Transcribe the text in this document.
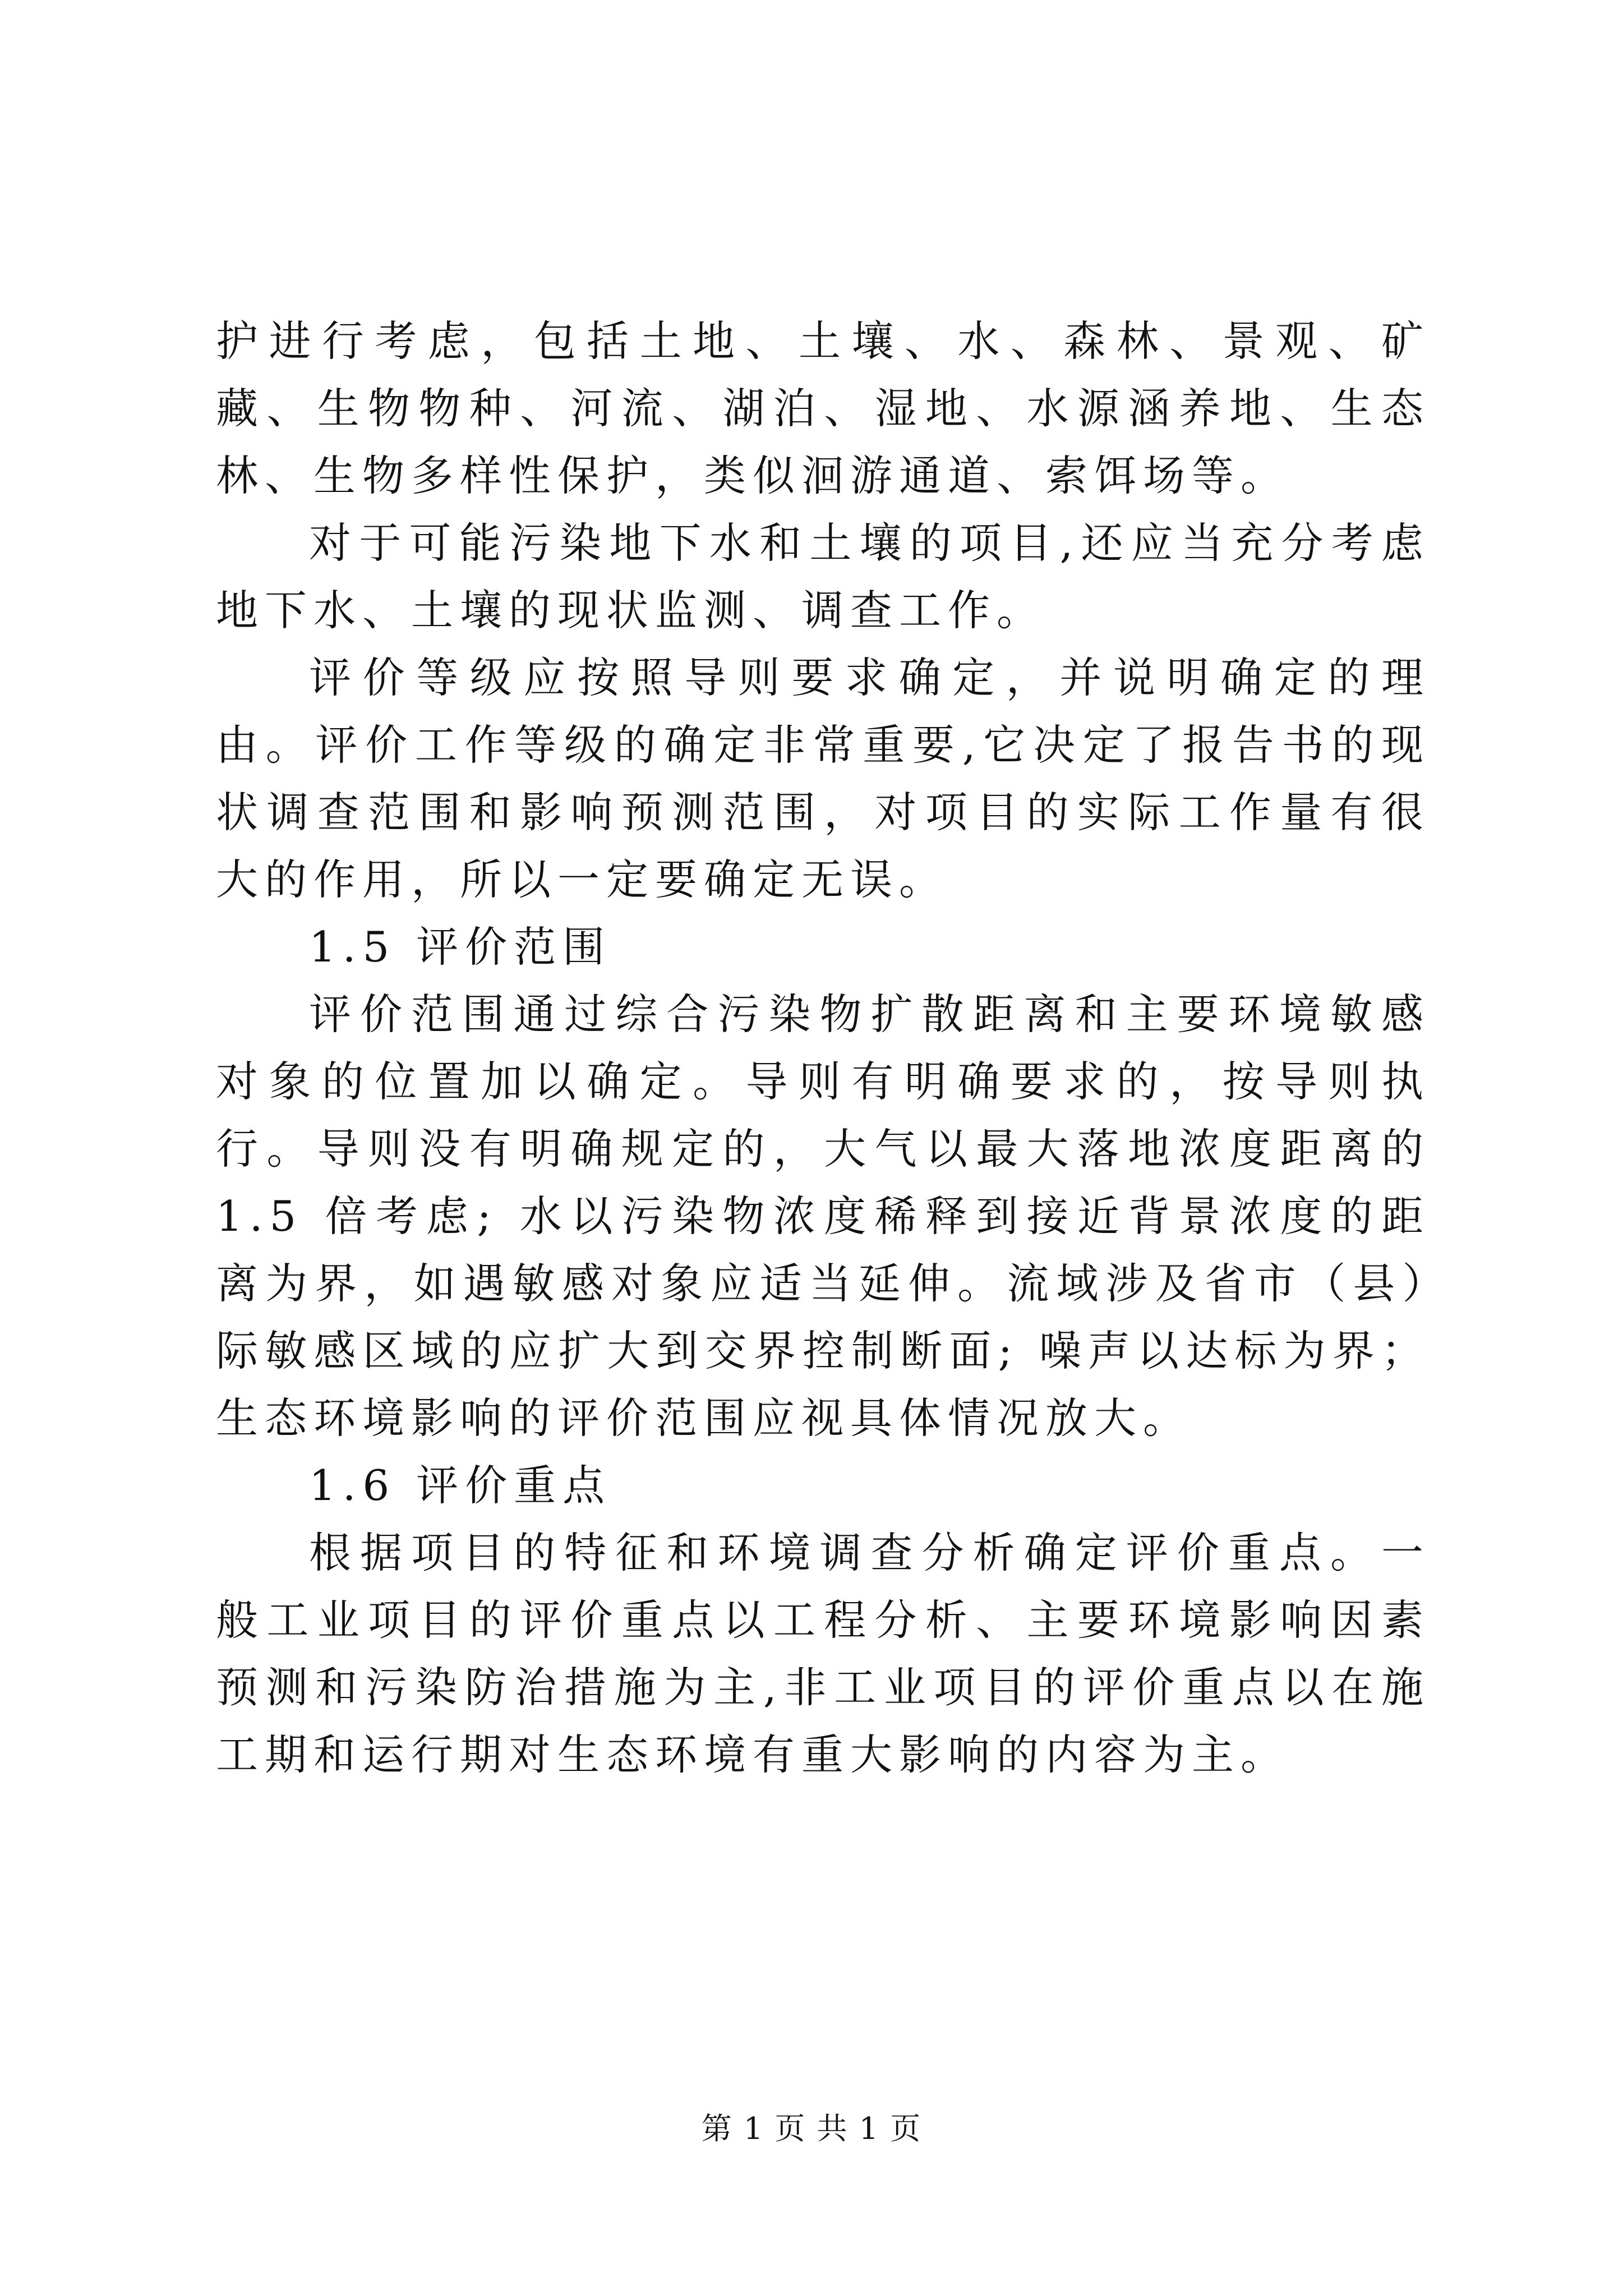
护进行考虑，包括土地、土壤、水、森林、景观、矿藏、生物物种、河流、湖泊、湿地、水源涵养地、生态林、生物多样性保护，类似洄游通道、索饵场等。

对于可能污染地下水和土壤的项目,还应当充分考虑地下水、土壤的现状监测、调查工作。

评价等级应按照导则要求确定，并说明确定的理由。评价工作等级的确定非常重要,它决定了报告书的现状调查范围和影响预测范围，对项目的实际工作量有很大的作用，所以一定要确定无误。

1.5 评价范围

评价范围通过综合污染物扩散距离和主要环境敏感对象的位置加以确定。导则有明确要求的，按导则执行。导则没有明确规定的，大气以最大落地浓度距离的 1.5 倍考虑; 水以污染物浓度稀释到接近背景浓度的距离为界，如遇敏感对象应适当延伸。流域涉及省市（县）际敏感区域的应扩大到交界控制断面; 噪声以达标为界；生态环境影响的评价范围应视具体情况放大。

1.6 评价重点

根据项目的特征和环境调查分析确定评价重点。一般工业项目的评价重点以工程分析、主要环境影响因素预测和污染防治措施为主,非工业项目的评价重点以在施工期和运行期对生态环境有重大影响的内容为主。

第 1 页 共 1 页
